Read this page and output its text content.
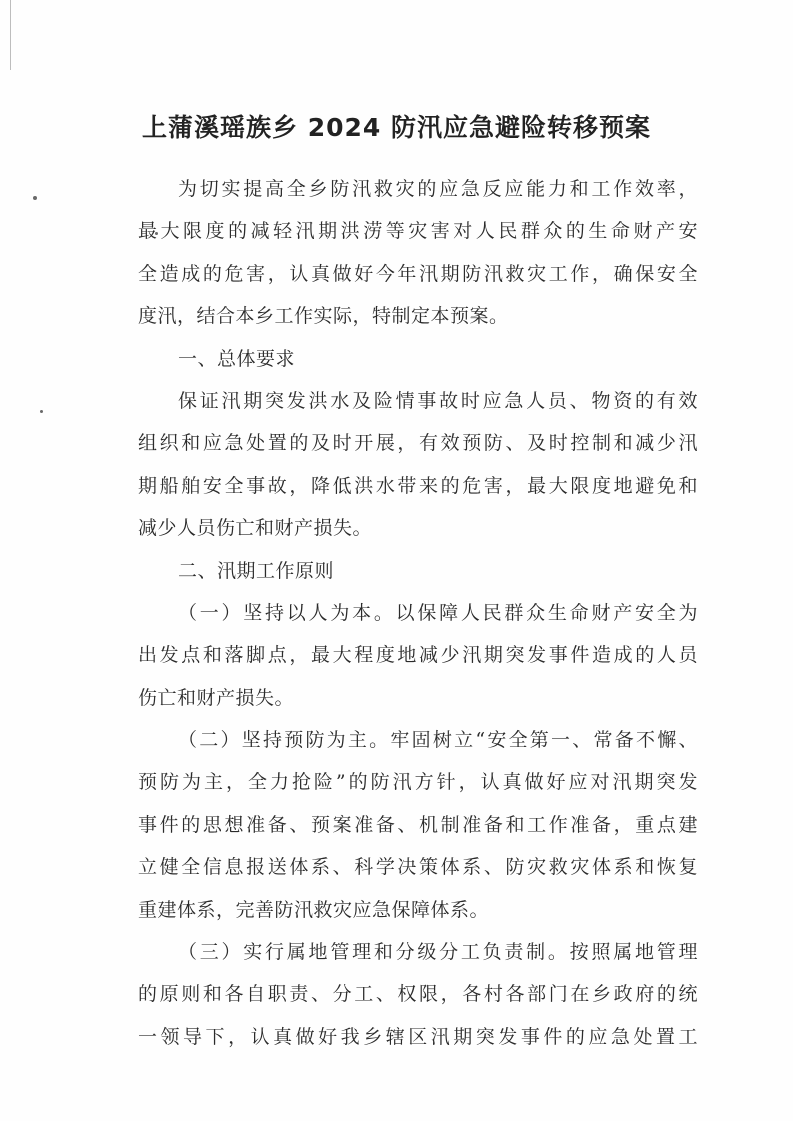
上蒲溪瑶族乡 2024 防汛应急避险转移预案
为切实提高全乡防汛救灾的应急反应能力和工作效率，
最大限度的减轻汛期洪涝等灾害对人民群众的生命财产安
全造成的危害，认真做好今年汛期防汛救灾工作，确保安全
度汛，结合本乡工作实际，特制定本预案。
一、总体要求
保证汛期突发洪水及险情事故时应急人员、物资的有效
组织和应急处置的及时开展，有效预防、及时控制和减少汛
期船舶安全事故，降低洪水带来的危害，最大限度地避免和
减少人员伤亡和财产损失。
二、汛期工作原则
（一）坚持以人为本。以保障人民群众生命财产安全为
出发点和落脚点，最大程度地减少汛期突发事件造成的人员
伤亡和财产损失。
（二）坚持预防为主。牢固树立“安全第一、常备不懈、
预防为主，全力抢险”的防汛方针，认真做好应对汛期突发
事件的思想准备、预案准备、机制准备和工作准备，重点建
立健全信息报送体系、科学决策体系、防灾救灾体系和恢复
重建体系，完善防汛救灾应急保障体系。
（三）实行属地管理和分级分工负责制。按照属地管理
的原则和各自职责、分工、权限，各村各部门在乡政府的统
一领导下，认真做好我乡辖区汛期突发事件的应急处置工
